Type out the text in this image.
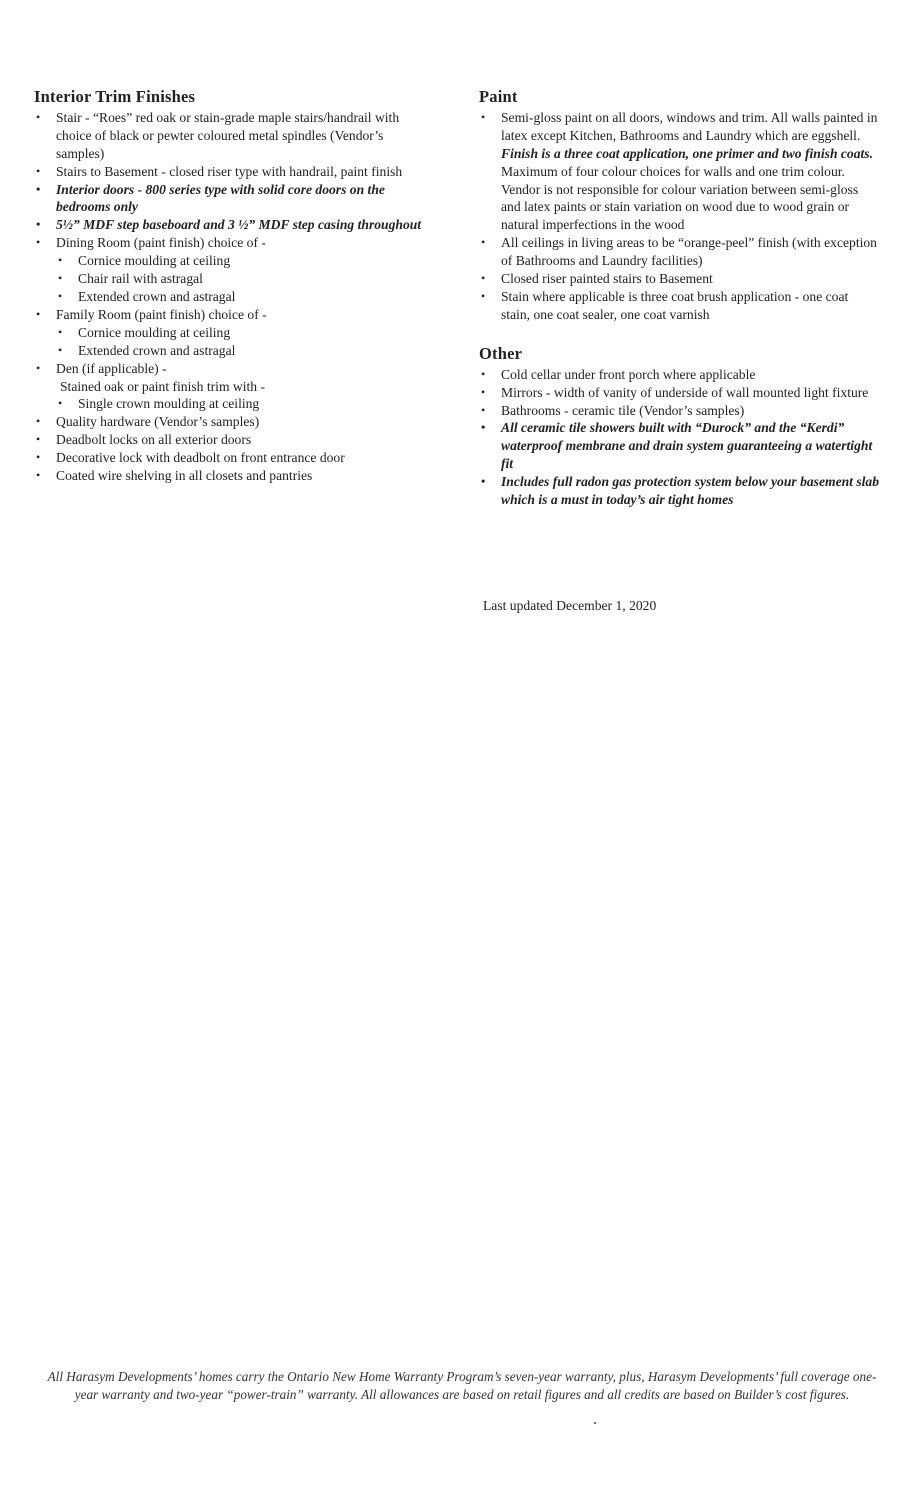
Interior Trim Finishes
• Stair - “Roes” red oak or stain-grade maple stairs/handrail with choice of black or pewter coloured metal spindles (Vendor’s samples)
• Stairs to Basement - closed riser type with handrail, paint finish
• Interior doors - 800 series type with solid core doors on the bedrooms only
• 5½” MDF step baseboard and 3 ½” MDF step casing throughout
• Dining Room (paint finish) choice of -
• Cornice moulding at ceiling
• Chair rail with astragal
• Extended crown and astragal
• Family Room (paint finish) choice of -
• Cornice moulding at ceiling
• Extended crown and astragal
• Den (if applicable) -
Stained oak or paint finish trim with -
• Single crown moulding at ceiling
• Quality hardware (Vendor’s samples)
• Deadbolt locks on all exterior doors
• Decorative lock with deadbolt on front entrance door
• Coated wire shelving in all closets and pantries
Paint
• Semi-gloss paint on all doors, windows and trim. All walls painted in latex except Kitchen, Bathrooms and Laundry which are eggshell. Finish is a three coat application, one primer and two finish coats. Maximum of four colour choices for walls and one trim colour. Vendor is not responsible for colour variation between semi-gloss and latex paints or stain variation on wood due to wood grain or natural imperfections in the wood
• All ceilings in living areas to be “orange-peel” finish (with exception of Bathrooms and Laundry facilities)
• Closed riser painted stairs to Basement
• Stain where applicable is three coat brush application - one coat stain, one coat sealer, one coat varnish
Other
• Cold cellar under front porch where applicable
• Mirrors - width of vanity of underside of wall mounted light fixture
• Bathrooms - ceramic tile (Vendor’s samples)
• All ceramic tile showers built with “Durock” and the “Kerdi” waterproof membrane and drain system guaranteeing a watertight fit
• Includes full radon gas protection system below your basement slab which is a must in today’s air tight homes
Last updated December 1, 2020
All Harasym Developments’ homes carry the Ontario New Home Warranty Program’s seven-year warranty, plus, Harasym Developments’ full coverage one-year warranty and two-year “power-train” warranty. All allowances are based on retail figures and all credits are based on Builder’s cost figures.
